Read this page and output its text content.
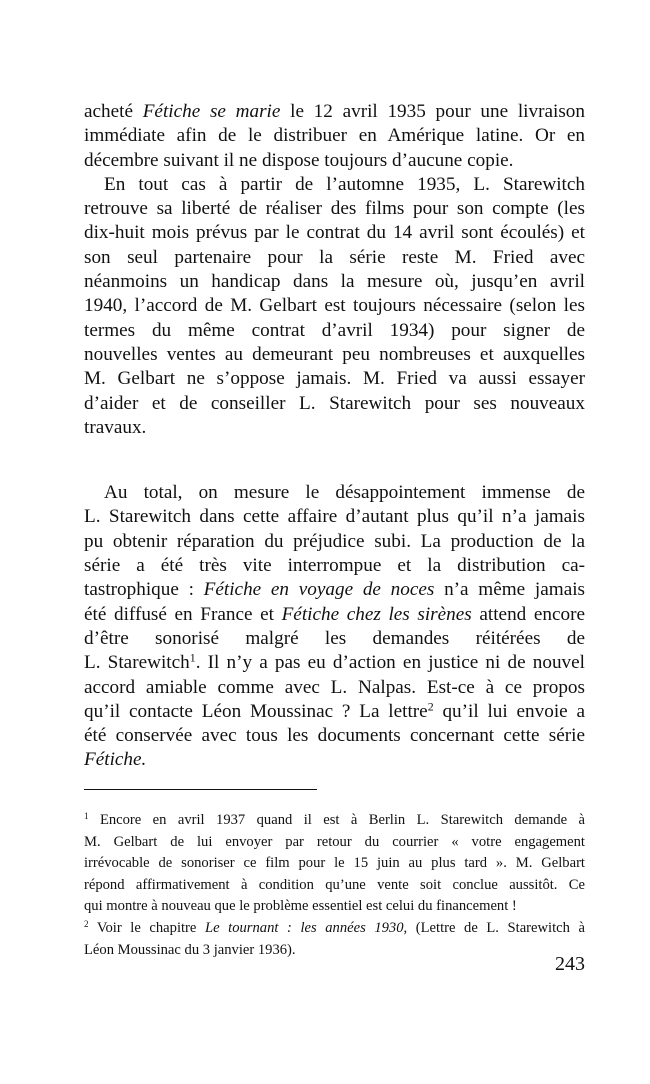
acheté Fétiche se marie le 12 avril 1935 pour une livraison
immédiate afin de le distribuer en Amérique latine. Or en
décembre suivant il ne dispose toujours d’aucune copie.
En tout cas à partir de l’automne 1935, L. Starewitch
retrouve sa liberté de réaliser des films pour son compte (les
dix-huit mois prévus par le contrat du 14 avril sont écoulés) et
son seul partenaire pour la série reste M. Fried avec
néanmoins un handicap dans la mesure où, jusqu’en avril
1940, l’accord de M. Gelbart est toujours nécessaire (selon les
termes du même contrat d’avril 1934) pour signer de
nouvelles ventes au demeurant peu nombreuses et auxquelles
M. Gelbart ne s’oppose jamais. M. Fried va aussi essayer
d’aider et de conseiller L. Starewitch pour ses nouveaux
travaux.
Au total, on mesure le désappointement immense de
L. Starewitch dans cette affaire d’autant plus qu’il n’a jamais
pu obtenir réparation du préjudice subi. La production de la
série a été très vite interrompue et la distribution ca-
tastrophique : Fétiche en voyage de noces n’a même jamais
été diffusé en France et Fétiche chez les sirènes attend encore
d’être sonorisé malgré les demandes réitérées de
L. Starewitch$^1$. Il n’y a pas eu d’action en justice ni de nouvel
accord amiable comme avec L. Nalpas. Est-ce à ce propos
qu’il contacte Léon Moussinac ? La lettre$^2$ qu’il lui envoie a
été conservée avec tous les documents concernant cette série
Fétiche.
$^1$ Encore en avril 1937 quand il est à Berlin L. Starewitch demande à
M. Gelbart de lui envoyer par retour du courrier « votre engagement
irrévocable de sonoriser ce film pour le 15 juin au plus tard ». M. Gelbart
répond affirmativement à condition qu’une vente soit conclue aussitôt. Ce
qui montre à nouveau que le problème essentiel est celui du financement !
$^2$ Voir le chapitre Le tournant : les années 1930, (Lettre de L. Starewitch à
Léon Moussinac du 3 janvier 1936).
243
